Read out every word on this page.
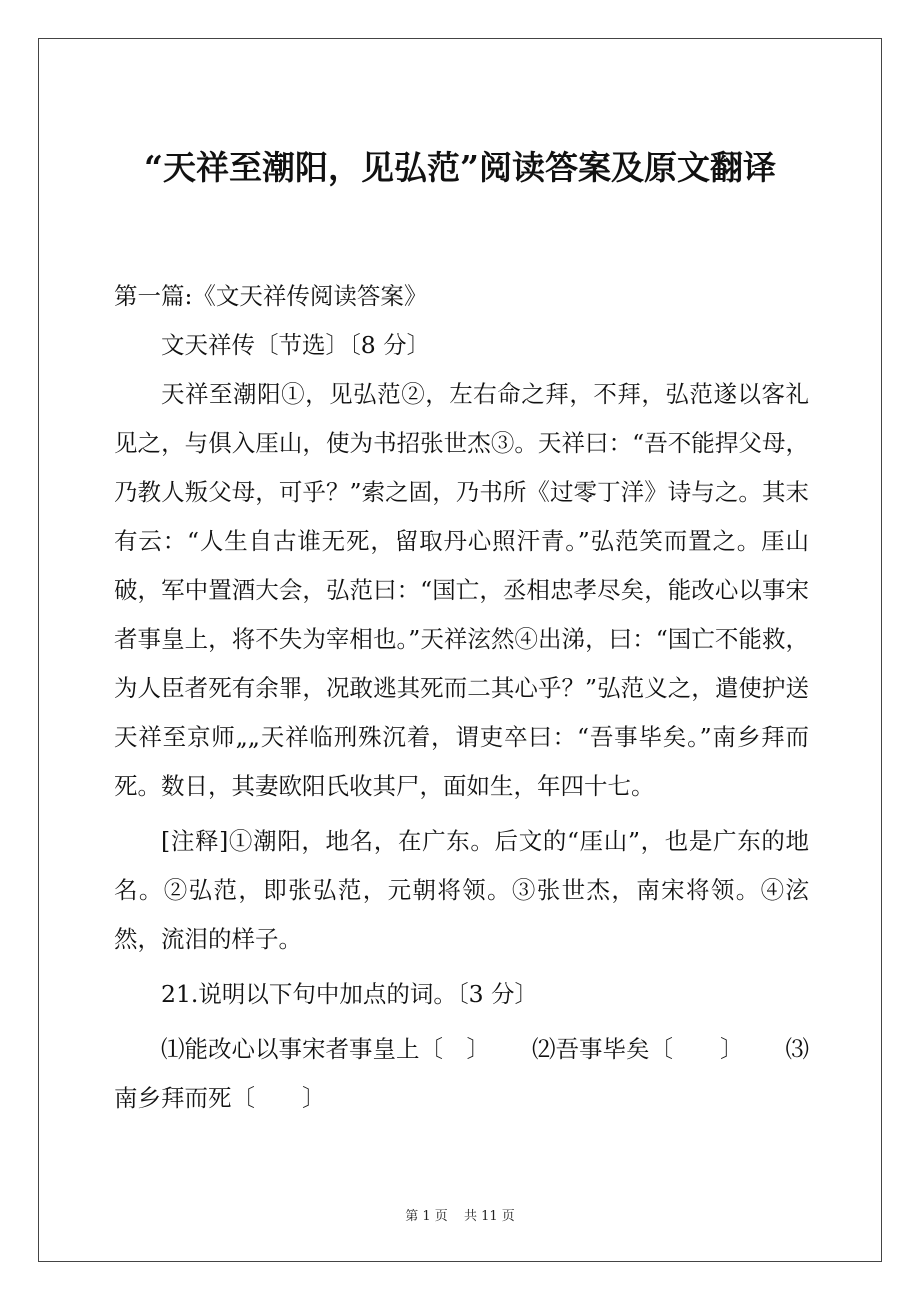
“天祥至潮阳，见弘范”阅读答案及原文翻译

第一篇:《文天祥传阅读答案》

文天祥传〔节选〕〔8 分〕

天祥至潮阳①，见弘范②，左右命之拜，不拜，弘范遂以客礼见之，与俱入厓山，使为书招张世杰③。天祥曰：“吾不能捍父母，乃教人叛父母，可乎？”索之固，乃书所《过零丁洋》诗与之。其末有云：“人生自古谁无死，留取丹心照汗青。”弘范笑而置之。厓山破，军中置酒大会，弘范曰：“国亡，丞相忠孝尽矣，能改心以事宋者事皇上，将不失为宰相也。”天祥泫然④出涕，曰：“国亡不能救，为人臣者死有余罪，况敢逃其死而二其心乎？”弘范义之，遣使护送天祥至京师„„天祥临刑殊沉着，谓吏卒曰：“吾事毕矣。”南乡拜而死。数日，其妻欧阳氏收其尸，面如生，年四十七。

[注释]①潮阳，地名，在广东。后文的“厓山”，也是广东的地名。②弘范，即张弘范，元朝将领。③张世杰，南宋将领。④泫然，流泪的样子。

21.说明以下句中加点的词。〔3 分〕

⑴能改心以事宋者事皇上〔　〕 ⑵吾事毕矣〔　　〕 ⑶

南乡拜而死〔　　〕

第 1 页 共 11 页
